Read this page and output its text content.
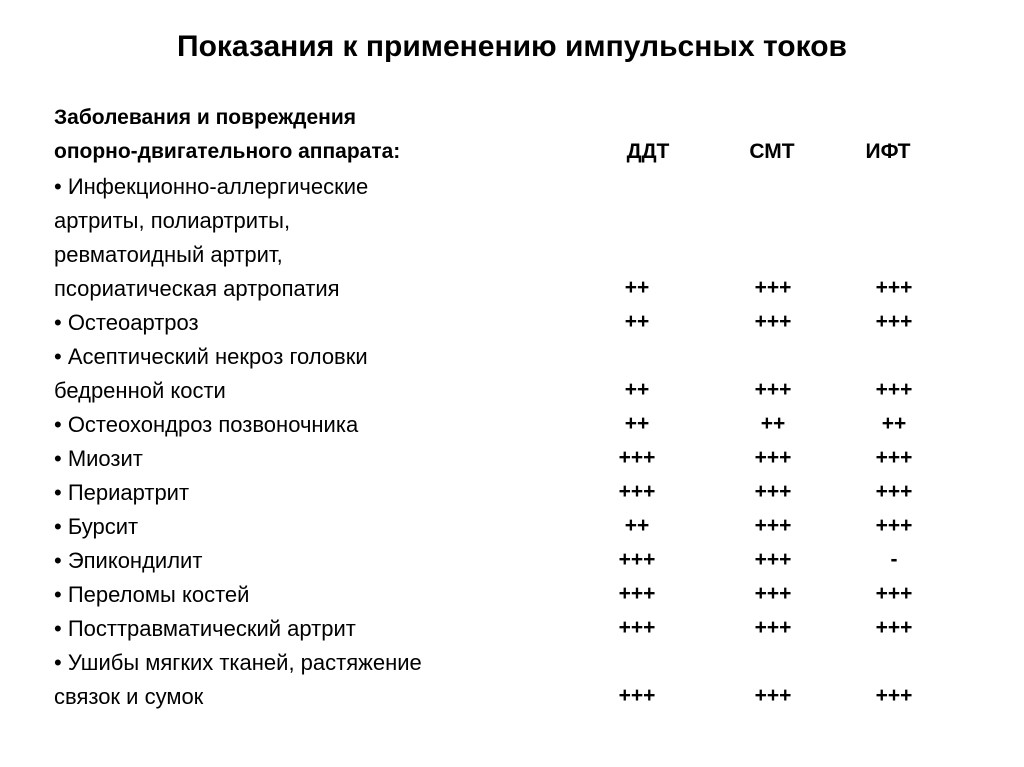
Показания к применению импульсных токов
Заболевания и повреждения
опорно-двигательного аппарата:	ДДТ	СМТ	ИФТ
• Инфекционно-аллергические
артриты, полиартриты,
ревматоидный артрит,
псориатическая артропатия	++	+++	+++
• Остеоартроз	++	+++	+++
• Асептический некроз головки
бедренной кости	++	+++	+++
• Остеохондроз позвоночника	++	++	++
• Миозит	+++	+++	+++
• Периартрит	+++	+++	+++
• Бурсит	++	+++	+++
• Эпикондилит	+++	+++	-
• Переломы костей	+++	+++	+++
• Посттравматический артрит	+++	+++	+++
• Ушибы мягких тканей, растяжение
связок и сумок	+++	+++	+++
